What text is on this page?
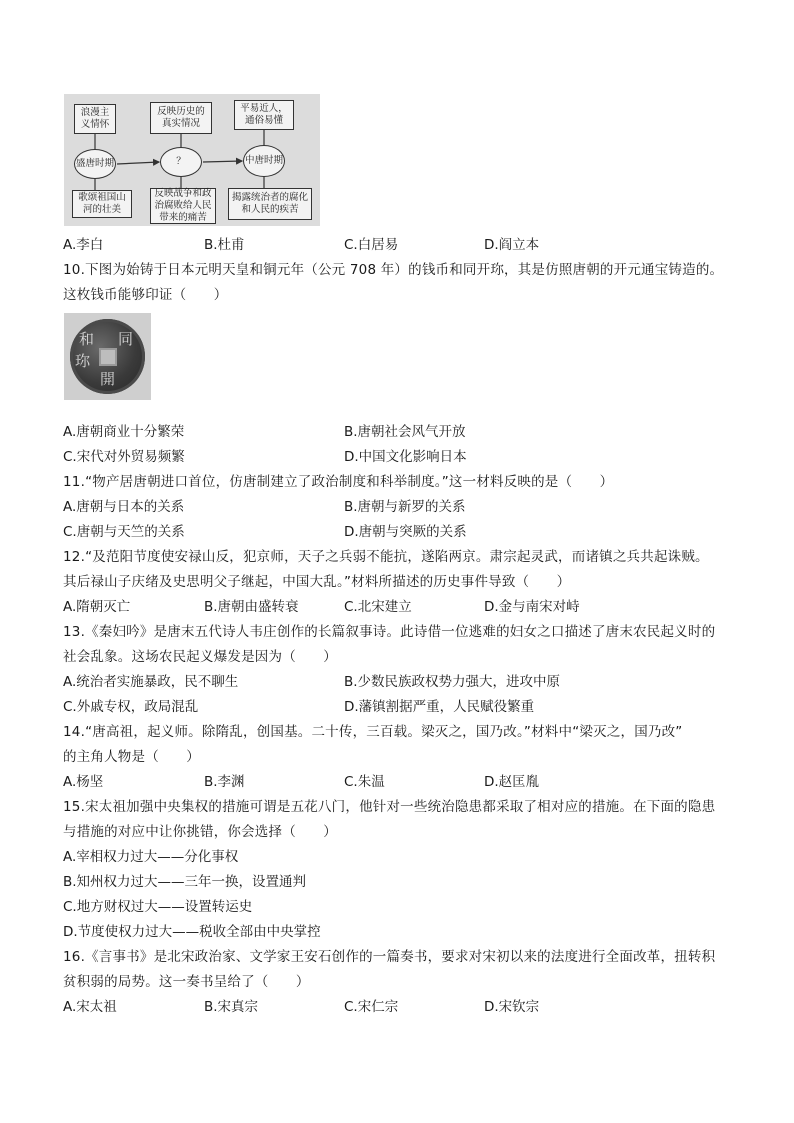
浪漫主义情怀
反映历史的真实情况
平易近人，通俗易懂
盛唐时期	？	中唐时期
歌颂祖国山河的壮美
反映战争和政治腐败给人民带来的痛苦
揭露统治者的腐化和人民的疾苦
A.李白	B.杜甫	C.白居易	D.阎立本
10.下图为始铸于日本元明天皇和铜元年（公元 708 年）的钱币和同开珎，其是仿照唐朝的开元通宝铸造的。
这枚钱币能够印证（　　）
和 同
開
珎
A.唐朝商业十分繁荣	B.唐朝社会风气开放
C.宋代对外贸易频繁	D.中国文化影响日本
11.“物产居唐朝进口首位，仿唐制建立了政治制度和科举制度。”这一材料反映的是（　　）
A.唐朝与日本的关系	B.唐朝与新罗的关系
C.唐朝与天竺的关系	D.唐朝与突厥的关系
12.“及范阳节度使安禄山反，犯京师，天子之兵弱不能抗，遂陷两京。肃宗起灵武，而诸镇之兵共起诛贼。
其后禄山子庆绪及史思明父子继起，中国大乱。”材料所描述的历史事件导致（　　）
A.隋朝灭亡	B.唐朝由盛转衰	C.北宋建立	D.金与南宋对峙
13.《秦妇吟》是唐末五代诗人韦庄创作的长篇叙事诗。此诗借一位逃难的妇女之口描述了唐末农民起义时的
社会乱象。这场农民起义爆发是因为（　　）
A.统治者实施暴政，民不聊生	B.少数民族政权势力强大，进攻中原
C.外戚专权，政局混乱	D.藩镇割据严重，人民赋役繁重
14.“唐高祖，起义师。除隋乱，创国基。二十传，三百载。梁灭之，国乃改。”材料中“梁灭之，国乃改”
的主角人物是（　　）
A.杨坚	B.李渊	C.朱温	D.赵匡胤
15.宋太祖加强中央集权的措施可谓是五花八门，他针对一些统治隐患都采取了相对应的措施。在下面的隐患
与措施的对应中让你挑错，你会选择（　　）
A.宰相权力过大——分化事权
B.知州权力过大——三年一换，设置通判
C.地方财权过大——设置转运史
D.节度使权力过大——税收全部由中央掌控
16.《言事书》是北宋政治家、文学家王安石创作的一篇奏书，要求对宋初以来的法度进行全面改革，扭转积
贫积弱的局势。这一奏书呈给了（　　）
A.宋太祖	B.宋真宗	C.宋仁宗	D.宋钦宗
